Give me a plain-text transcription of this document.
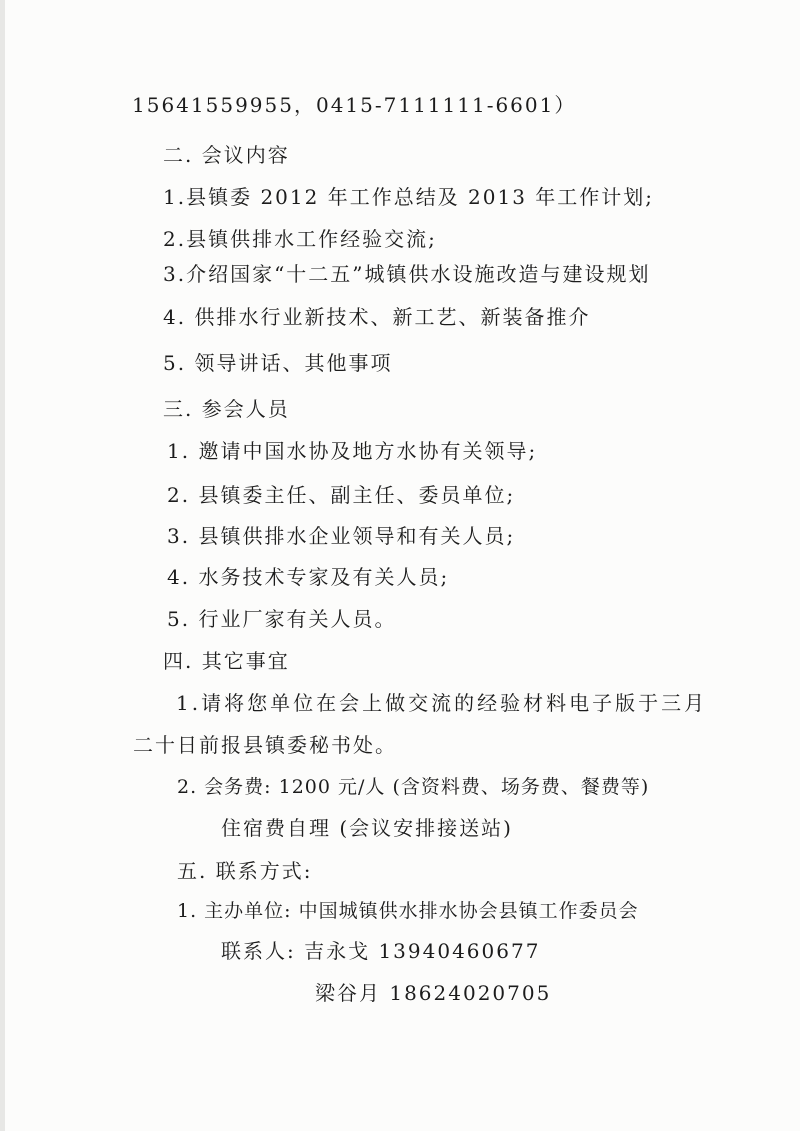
15641559955，0415-7111111-6601）
二. 会议内容
1.县镇委 2012 年工作总结及 2013 年工作计划;
2.县镇供排水工作经验交流;
3.介绍国家“十二五”城镇供水设施改造与建设规划
4. 供排水行业新技术、新工艺、新装备推介
5. 领导讲话、其他事项
三. 参会人员
1. 邀请中国水协及地方水协有关领导;
2. 县镇委主任、副主任、委员单位;
3. 县镇供排水企业领导和有关人员;
4. 水务技术专家及有关人员;
5. 行业厂家有关人员。
四. 其它事宜
1.请将您单位在会上做交流的经验材料电子版于三月
二十日前报县镇委秘书处。
2. 会务费: 1200 元/人 (含资料费、场务费、餐费等)
住宿费自理 (会议安排接送站)
五. 联系方式:
1. 主办单位: 中国城镇供水排水协会县镇工作委员会
联系人: 吉永戈 13940460677
梁谷月 18624020705
